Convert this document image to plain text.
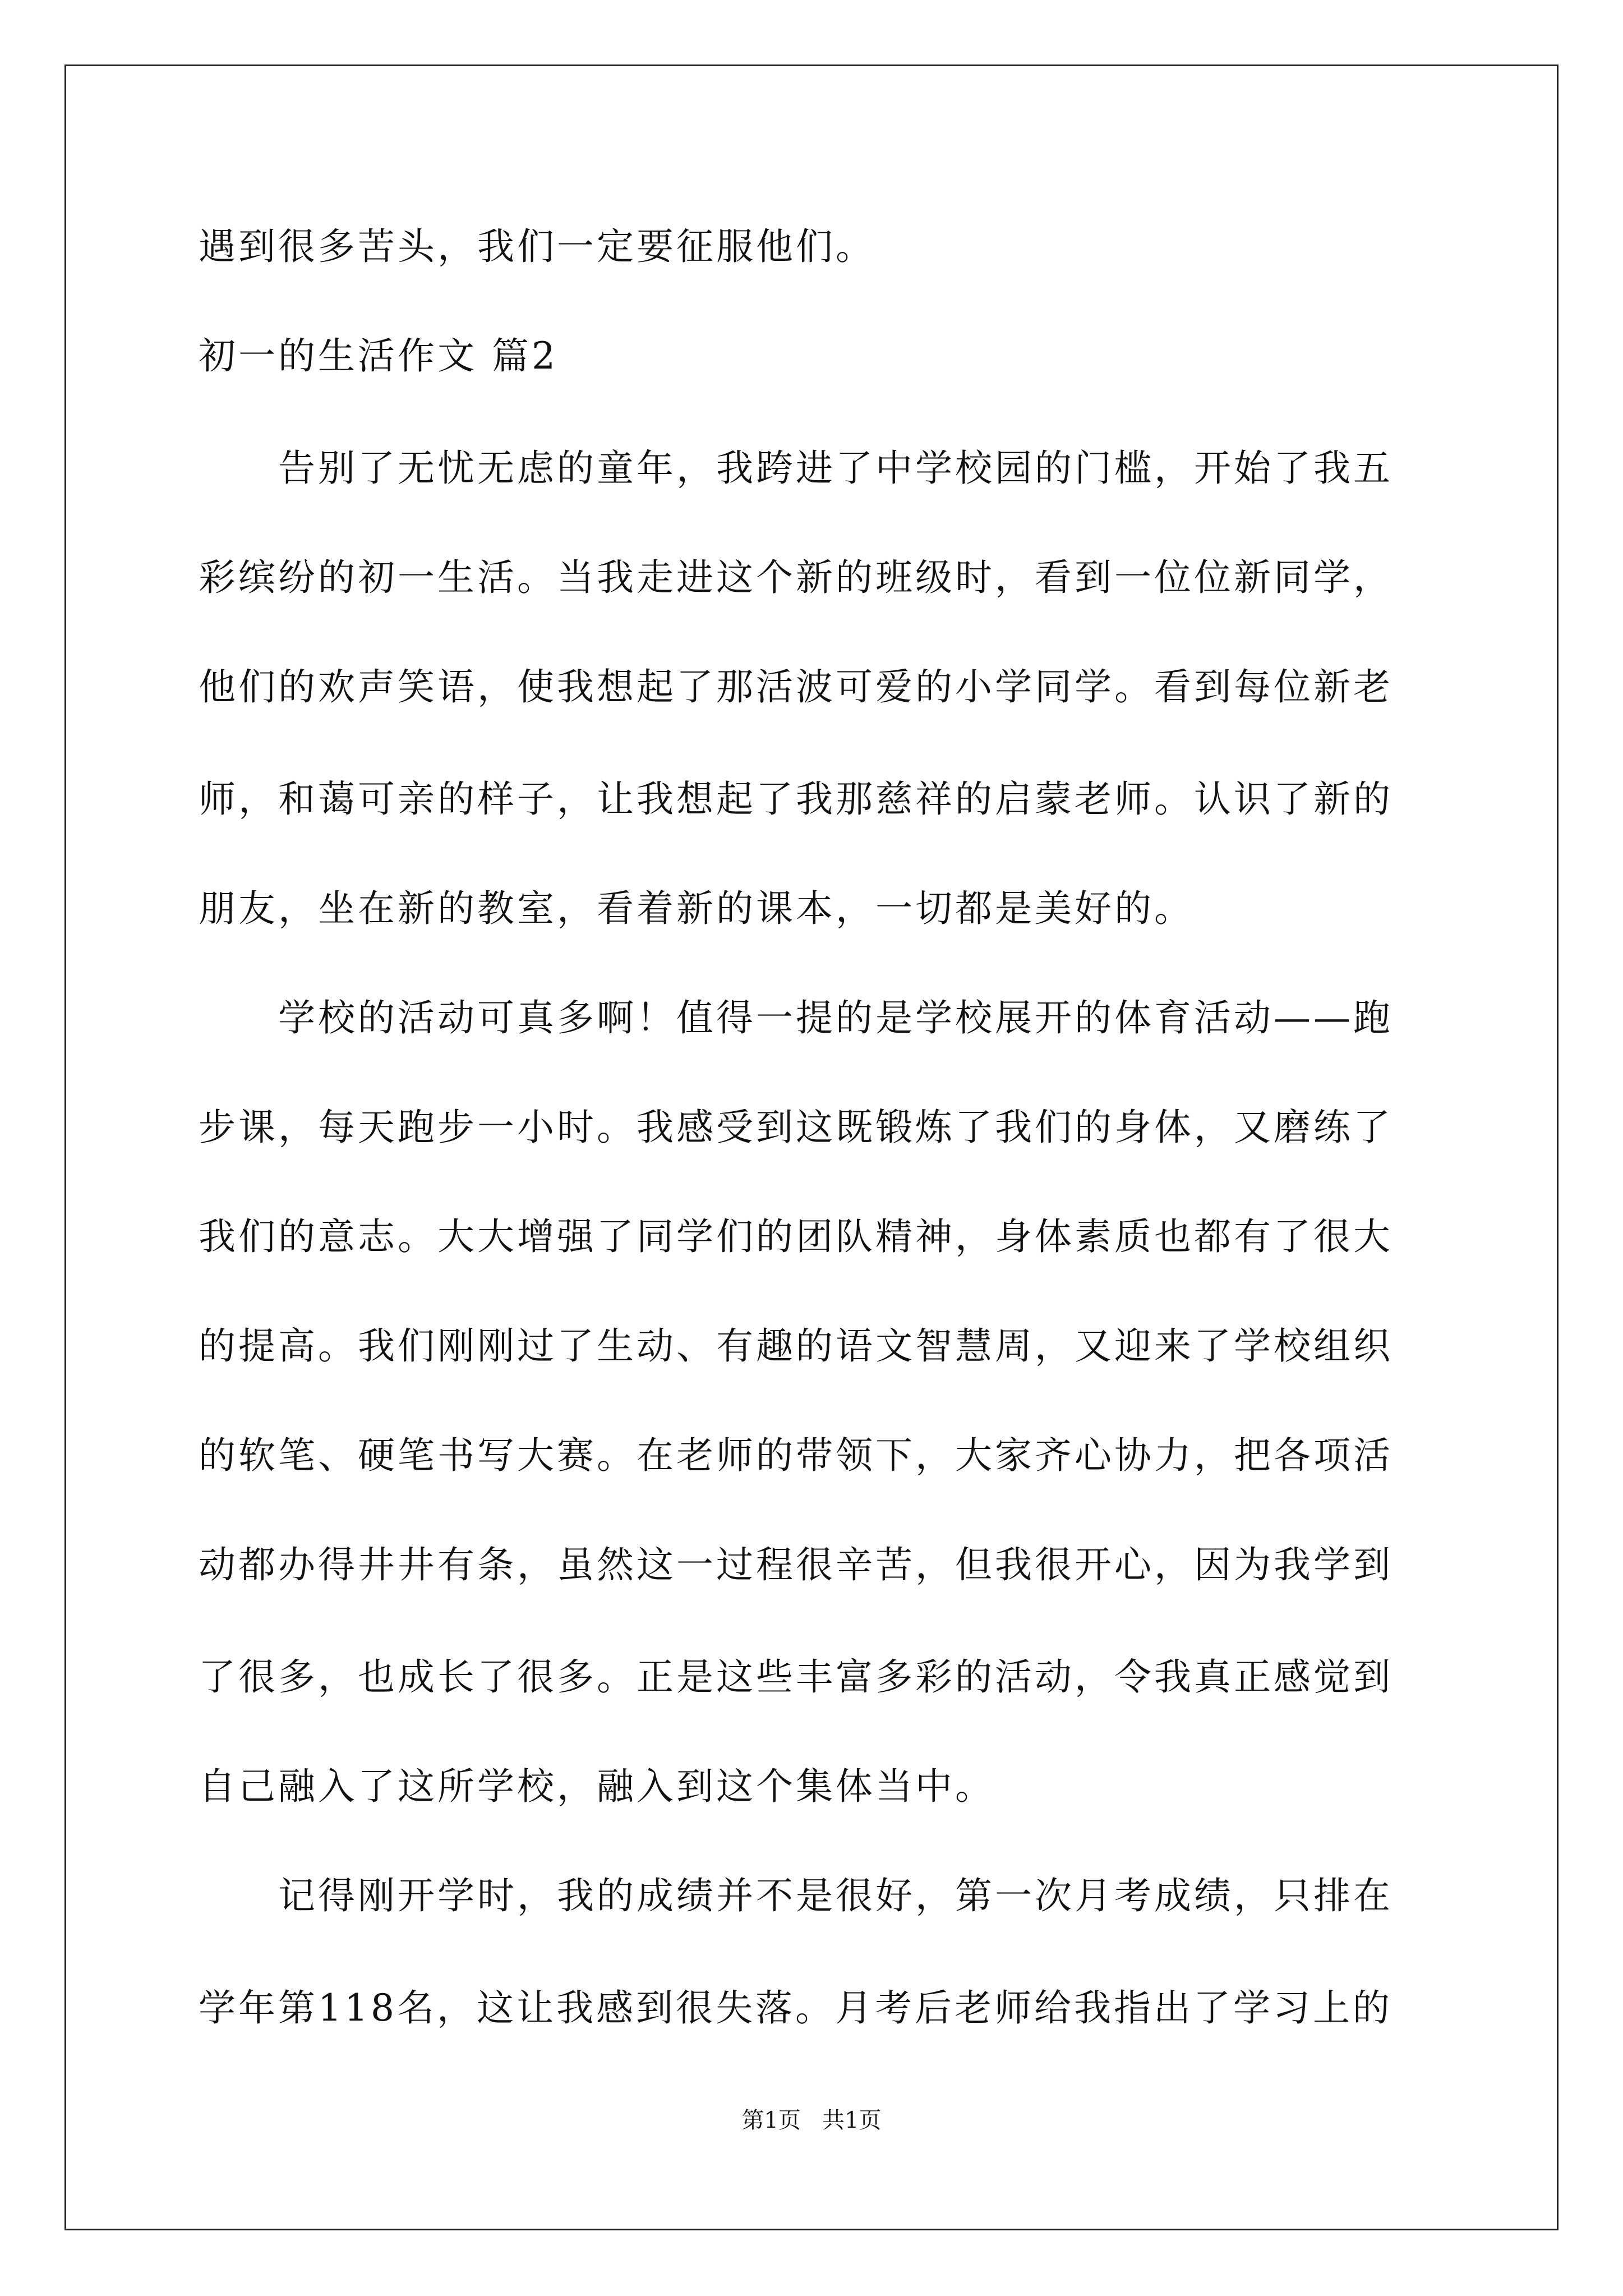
遇到很多苦头，我们一定要征服他们。
初一的生活作文 篇2
　　告别了无忧无虑的童年，我跨进了中学校园的门槛，开始了我五
彩缤纷的初一生活。当我走进这个新的班级时，看到一位位新同学，
他们的欢声笑语，使我想起了那活波可爱的小学同学。看到每位新老
师，和蔼可亲的样子，让我想起了我那慈祥的启蒙老师。认识了新的
朋友，坐在新的教室，看着新的课本，一切都是美好的。
　　学校的活动可真多啊！值得一提的是学校展开的体育活动——跑
步课，每天跑步一小时。我感受到这既锻炼了我们的身体，又磨练了
我们的意志。大大增强了同学们的团队精神，身体素质也都有了很大
的提高。我们刚刚过了生动、有趣的语文智慧周，又迎来了学校组织
的软笔、硬笔书写大赛。在老师的带领下，大家齐心协力，把各项活
动都办得井井有条，虽然这一过程很辛苦，但我很开心，因为我学到
了很多，也成长了很多。正是这些丰富多彩的活动，令我真正感觉到
自己融入了这所学校，融入到这个集体当中。
　　记得刚开学时，我的成绩并不是很好，第一次月考成绩，只排在
学年第118名，这让我感到很失落。月考后老师给我指出了学习上的
第1页   共1页
